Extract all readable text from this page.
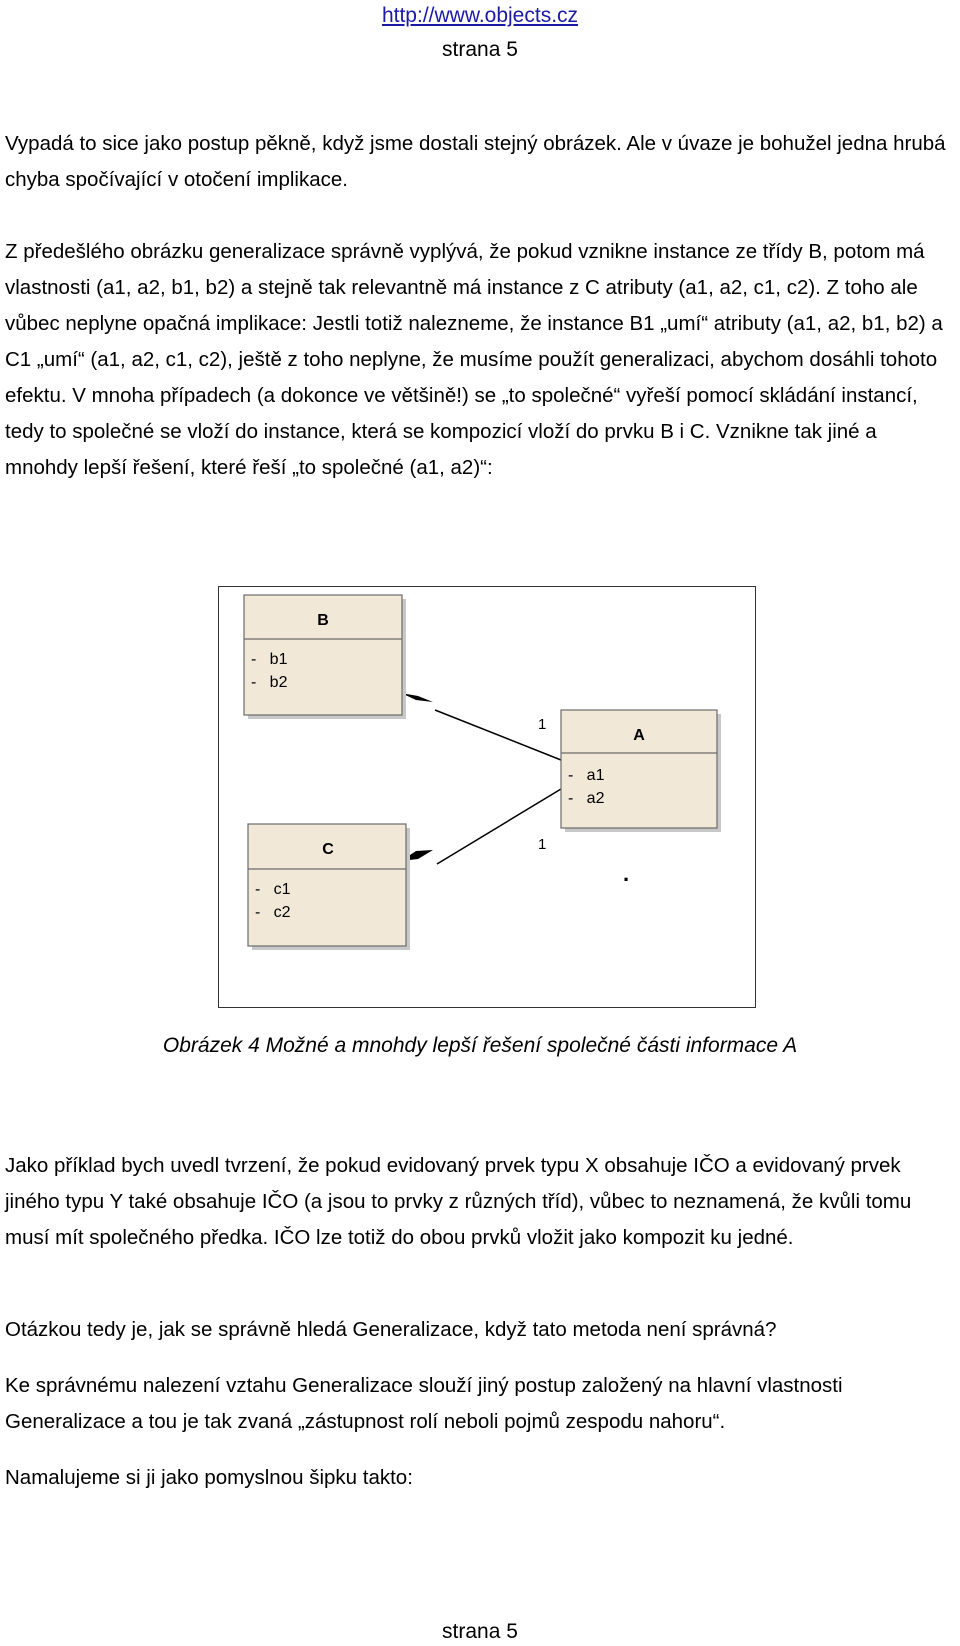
http://www.objects.cz
strana 5

Vypadá to sice jako postup pěkně, když jsme dostali stejný obrázek. Ale v úvaze je bohužel jedna hrubá chyba spočívající v otočení implikace.

Z předešlého obrázku generalizace správně vyplývá, že pokud vznikne instance ze třídy B, potom má vlastnosti (a1, a2, b1, b2) a stejně tak relevantně má instance z C atributy (a1, a2, c1, c2). Z toho ale vůbec neplyne opačná implikace: Jestli totiž nalezneme, že instance B1 „umí“ atributy (a1, a2, b1, b2) a C1 „umí“ (a1, a2, c1, c2), ještě z toho neplyne, že musíme použít generalizaci, abychom dosáhli tohoto efektu. V mnoha případech (a dokonce ve většině!) se „to společné“ vyřeší pomocí skládání instancí, tedy to společné se vloží do instance, která se kompozicí vloží do prvku B i C. Vznikne tak jiné a mnohdy lepší řešení, které řeší „to společné (a1, a2)“:

B
-   b1
-   b2
A
-   a1
-   a2
C
-   c1
-   c2
1
1
.
Obrázek 4 Možné a mnohdy lepší řešení společné části informace A

Jako příklad bych uvedl tvrzení, že pokud evidovaný prvek typu X obsahuje IČO a evidovaný prvek jiného typu Y také obsahuje IČO (a jsou to prvky z různých tříd), vůbec to neznamená, že kvůli tomu musí mít společného předka. IČO lze totiž do obou prvků vložit jako kompozit ku jedné.

Otázkou tedy je, jak se správně hledá Generalizace, když tato metoda není správná?

Ke správnému nalezení vztahu Generalizace slouží jiný postup založený na hlavní vlastnosti Generalizace a tou je tak zvaná „zástupnost rolí neboli pojmů zespodu nahoru“.

Namalujeme si ji jako pomyslnou šipku takto:

strana 5
